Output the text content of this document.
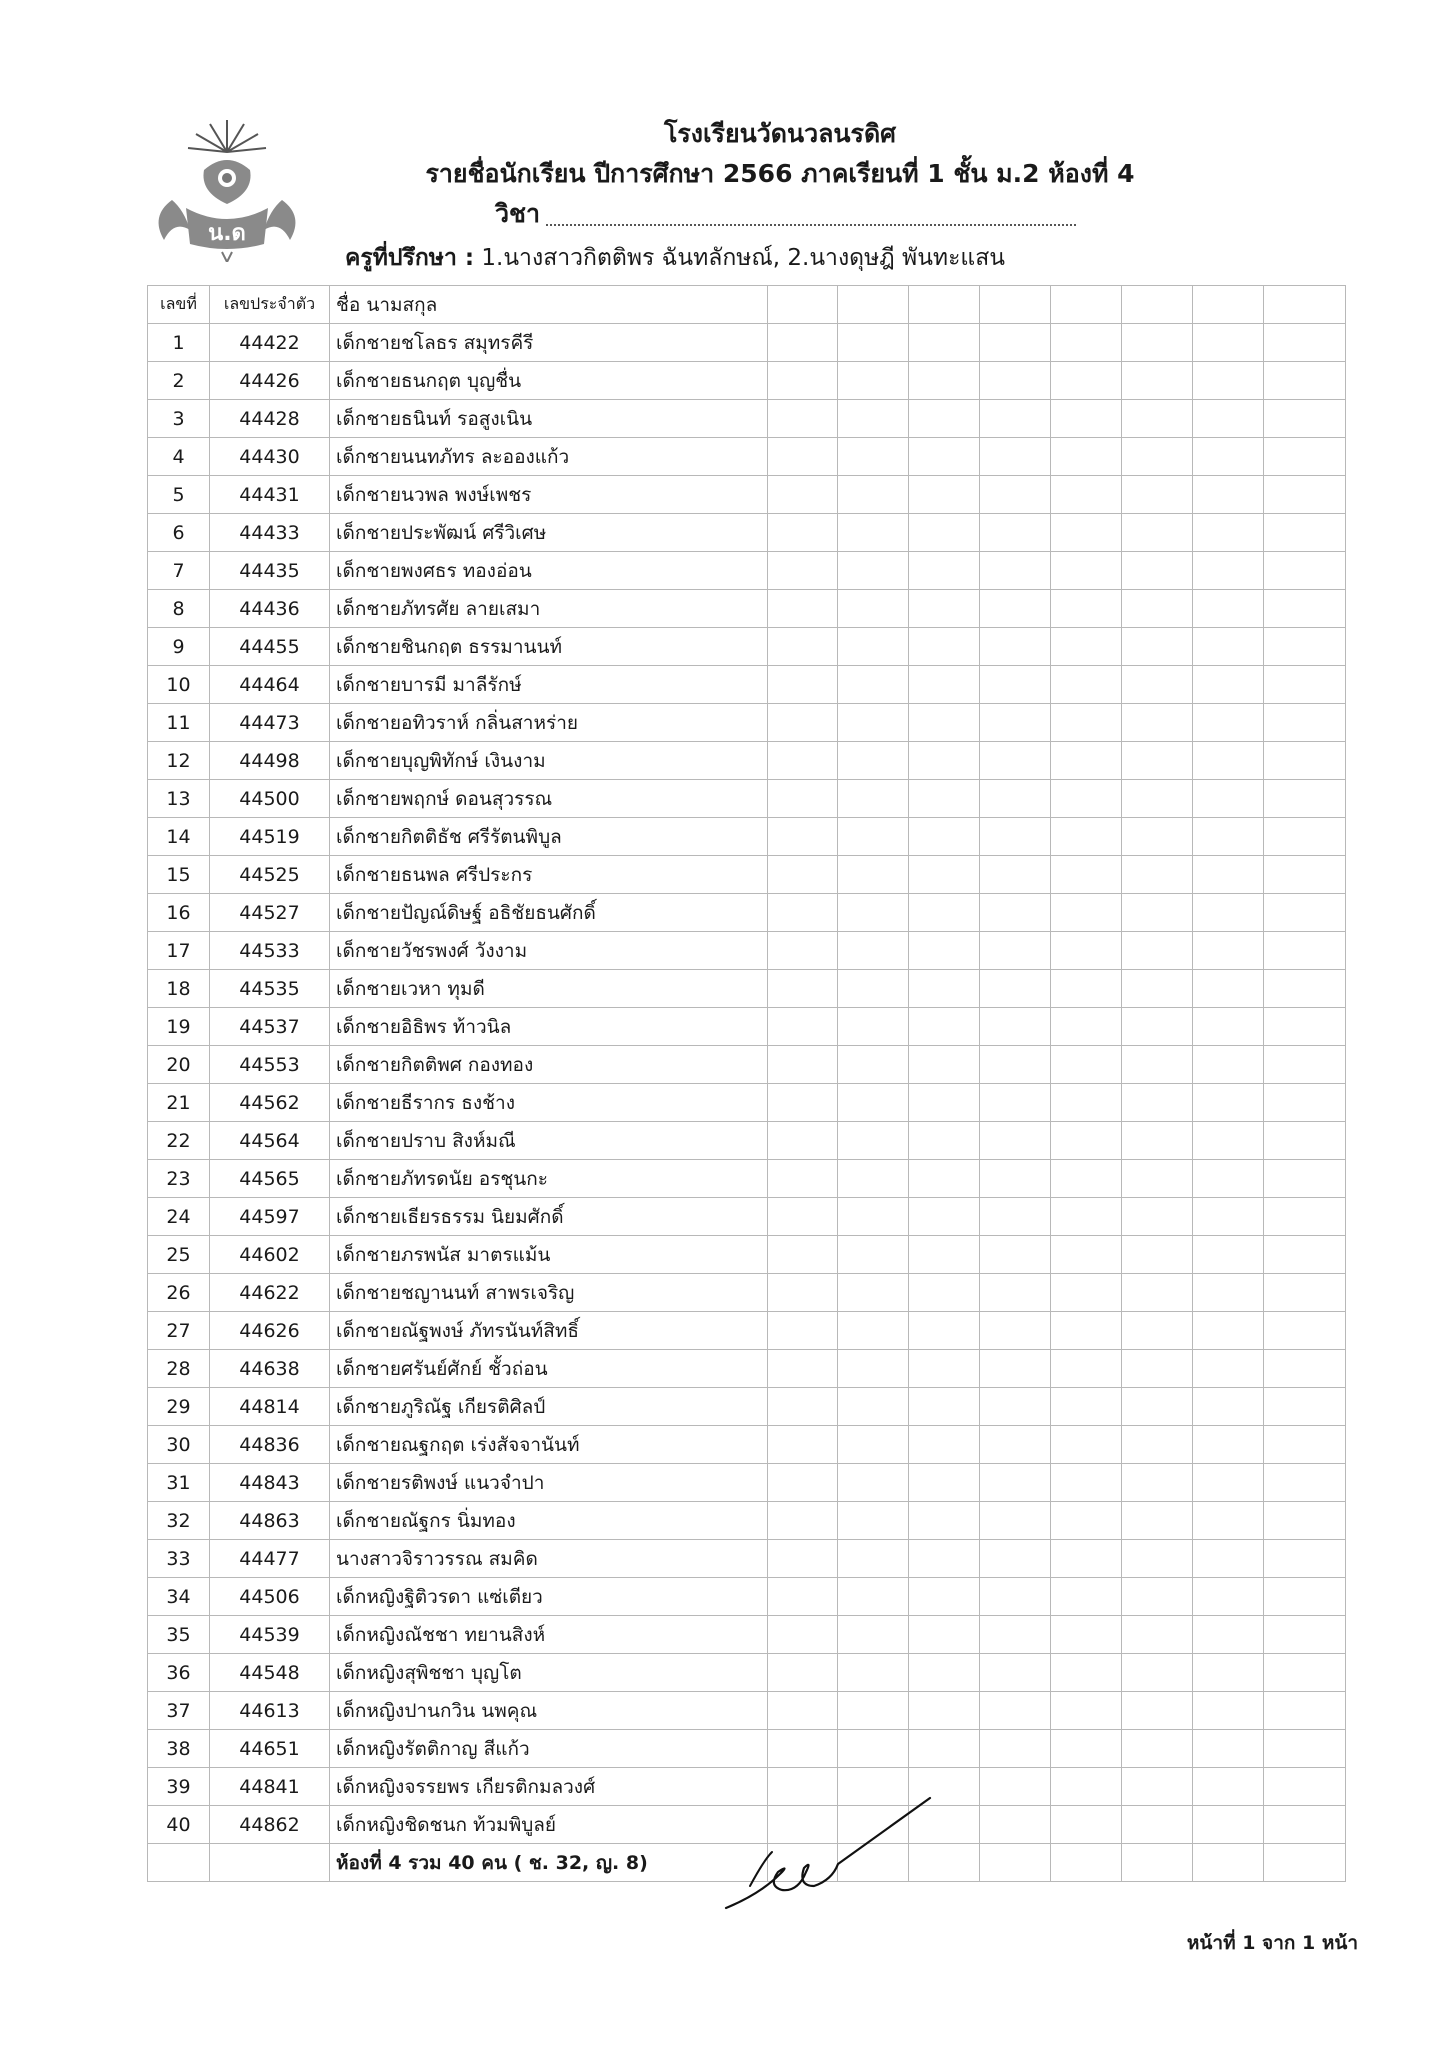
น.ด
โรงเรียนวัดนวลนรดิศ
รายชื่อนักเรียน ปีการศึกษา 2566 ภาคเรียนที่ 1 ชั้น ม.2 ห้องที่ 4
วิชา
ครูที่ปรึกษา : 1.นางสาวกิตติพร ฉันทลักษณ์, 2.นางดุษฎี พันทะแสน
เลขที่	เลขประจำตัว	ชื่อ นามสกุล								
1	44422	เด็กชายชโลธร สมุทรคีรี								
2	44426	เด็กชายธนกฤต บุญชื่น								
3	44428	เด็กชายธนินท์ รอสูงเนิน								
4	44430	เด็กชายนนทภัทร ละอองแก้ว								
5	44431	เด็กชายนวพล พงษ์เพชร								
6	44433	เด็กชายประพัฒน์ ศรีวิเศษ								
7	44435	เด็กชายพงศธร ทองอ่อน								
8	44436	เด็กชายภัทรศัย ลายเสมา								
9	44455	เด็กชายชินกฤต ธรรมานนท์								
10	44464	เด็กชายบารมี มาลีรักษ์								
11	44473	เด็กชายอทิวราห์ กลิ่นสาหร่าย								
12	44498	เด็กชายบุญพิทักษ์ เงินงาม								
13	44500	เด็กชายพฤกษ์ ดอนสุวรรณ								
14	44519	เด็กชายกิตติธัช ศรีรัตนพิบูล								
15	44525	เด็กชายธนพล ศรีประกร								
16	44527	เด็กชายปัญณ์ดิษฐ์ อธิชัยธนศักดิ์								
17	44533	เด็กชายวัชรพงศ์ วังงาม								
18	44535	เด็กชายเวหา ทุมดี								
19	44537	เด็กชายอิธิพร ท้าวนิล								
20	44553	เด็กชายกิตติพศ กองทอง								
21	44562	เด็กชายธีรากร ธงช้าง								
22	44564	เด็กชายปราบ สิงห์มณี								
23	44565	เด็กชายภัทรดนัย อรชุนกะ								
24	44597	เด็กชายเธียรธรรม นิยมศักดิ์								
25	44602	เด็กชายภรพนัส มาตรแม้น								
26	44622	เด็กชายชญานนท์ สาพรเจริญ								
27	44626	เด็กชายณัฐพงษ์ ภัทรนันท์สิทธิ์								
28	44638	เด็กชายศรันย์ศักย์ ชั้วถ่อน								
29	44814	เด็กชายภูริณัฐ เกียรติศิลป์								
30	44836	เด็กชายณฐกฤต เร่งสัจจานันท์								
31	44843	เด็กชายรติพงษ์ แนวจำปา								
32	44863	เด็กชายณัฐกร นิ่มทอง								
33	44477	นางสาวจิราวรรณ สมคิด								
34	44506	เด็กหญิงฐิติวรดา แซ่เตียว								
35	44539	เด็กหญิงณัชชา ทยานสิงห์								
36	44548	เด็กหญิงสุพิชชา บุญโต								
37	44613	เด็กหญิงปานกวิน นพคุณ								
38	44651	เด็กหญิงรัตติกาญ สีแก้ว								
39	44841	เด็กหญิงจรรยพร เกียรติกมลวงศ์								
40	44862	เด็กหญิงชิดชนก ท้วมพิบูลย์								
		ห้องที่ 4 รวม 40 คน ( ช. 32, ญ. 8)								
หน้าที่ 1 จาก 1 หน้า
